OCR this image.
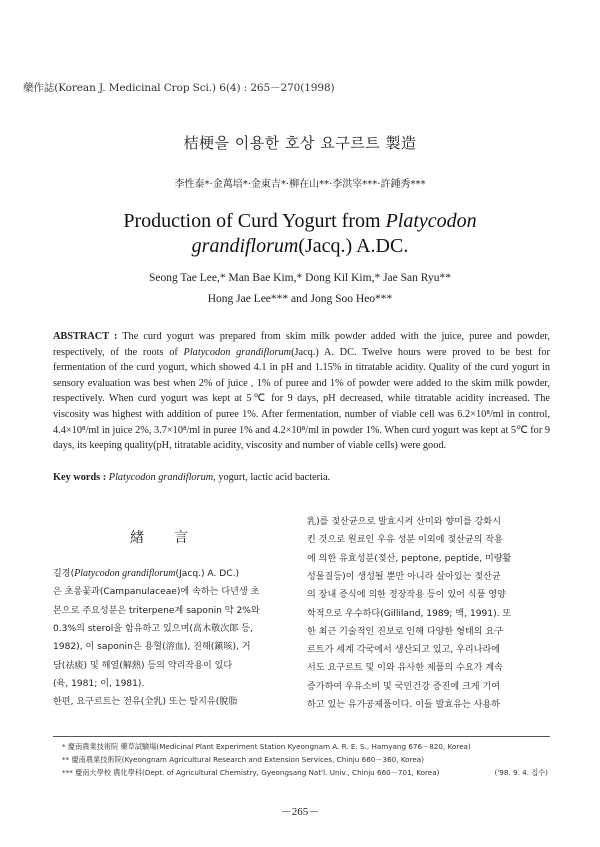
藥作誌(Korean J. Medicinal Crop Sci.) 6(4) : 265－270(1998)
桔梗을 이용한 호상 요구르트 製造
李性泰*·金萬培*·金東吉*·柳在山**·李洪宰***·許鍾秀***
Production of Curd Yogurt from Platycodon
grandiflorum(Jacq.) A.DC.
Seong Tae Lee,* Man Bae Kim,* Dong Kil Kim,* Jae San Ryu**
Hong Jae Lee*** and Jong Soo Heo***
ABSTRACT : The curd yogurt was prepared from skim milk powder added with the juice, puree and powder, respectively, of the roots of Platycodon grandiflorum(Jacq.) A. DC. Twelve hours were proved to be best for fermentation of the curd yogurt, which showed 4.1 in pH and 1.15% in titratable acidity. Quality of the curd yogurt in sensory evaluation was best when 2% of juice , 1% of puree and 1% of powder were added to the skim milk powder, respectively. When curd yogurt was kept at 5℃ for 9 days, pH decreased, while titratable acidity increased. The viscosity was highest with addition of puree 1%. After fermentation, number of viable cell was 6.2×10⁸/ml in control, 4.4×10⁸/ml in juice 2%, 3.7×10⁸/ml in puree 1% and 4.2×10⁸/ml in powder 1%. When curd yogurt was kept at 5℃ for 9 days, its keeping quality(pH, titratable acidity, viscosity and number of viable cells) were good.
Key words : Platycodon grandiflorum, yogurt, lactic acid bacteria.
緖言
('98. 9. 4. 접수)
－265－
길경(Platycodon grandiflorum(Jacq.) A. DC.)
은 초롱꽃과(Campanulaceae)에 속하는 다년생 초
본으로 주요성분은 triterpene계 saponin 약 2%와
0.3%의 sterol을 함유하고 있으며(高木敬次郞 등,
1982), 이 saponin은 용혈(溶血), 진해(鎭咳), 거
담(祛痰) 및 해열(解熱) 등의 약리작용이 있다
(육, 1981; 이, 1981).
한편, 요구르트는 전유(全乳) 또는 탈지유(脫脂
乳)를 젖산균으로 발효시켜 산미와 향미를 강화시
킨 것으로 원료인 우유 성분 이외에 젖산균의 작용
에 의한 유효성분(젖산, peptone, peptide, 미량활
성물질등)이 생성될 뿐만 아니라 살아있는 젖산균
의 장내 증식에 의한 정장작용 등이 있어 식품 영양
학적으로 우수하다(Gilliland, 1989; 백, 1991). 또
한 최근 기술적인 진보로 인해 다양한 형태의 요구
르트가 세계 각국에서 생산되고 있고, 우리나라에
서도 요구르트 및 이와 유사한 제품의 수요가 계속
증가하여 우유소비 및 국민건강 증진에 크게 기여
하고 있는 유가공제품이다. 이들 발효유는 사용하
* 慶南農業技術院 藥草試驗場(Medicinal Plant Experiment Station Kyeongnam A. R. E. S., Hamyang 676－820, Korea)
** 慶南農業技術院(Kyeongnam Agricultural Research and Extension Services, Chinju 660－360, Korea)
*** 慶南大學校 農化學科(Dept. of Agricultural Chemistry, Gyeongsang Nat'l. Univ., Chinju 660－701, Korea)
